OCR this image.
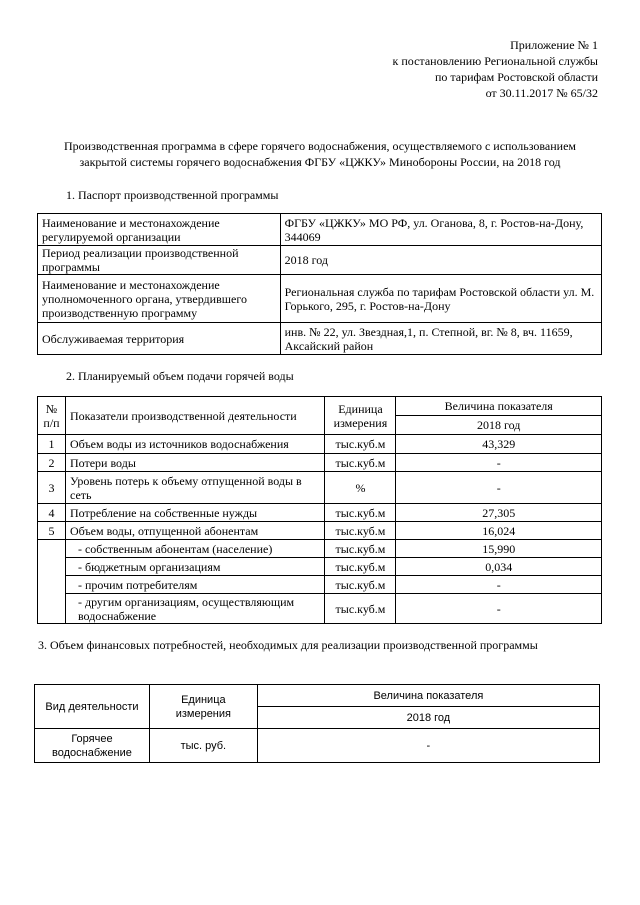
Приложение № 1
к постановлению Региональной службы
по тарифам Ростовской области
от 30.11.2017 № 65/32
Производственная программа в сфере горячего водоснабжения, осуществляемого с использованием
закрытой системы горячего водоснабжения ФГБУ «ЦЖКУ» Минобороны России, на 2018 год
1. Паспорт производственной программы
Наименование и местонахождение регулируемой организации	ФГБУ «ЦЖКУ» МО РФ, ул. Оганова, 8, г. Ростов-на-Дону, 344069
Период реализации производственной программы	2018 год
Наименование и местонахождение уполномоченного органа, утвердившего производственную программу	Региональная служба по тарифам Ростовской области ул. М. Горького, 295, г. Ростов-на-Дону
Обслуживаемая территория	инв. № 22, ул. Звездная,1, п. Степной, вг. № 8, вч. 11659, Аксайский район
2. Планируемый объем подачи горячей воды
№ п/п	Показатели производственной деятельности	Единица измерения	Величина показателя
			2018 год
1	Объем воды из источников водоснабжения	тыс.куб.м	43,329
2	Потери воды	тыс.куб.м	-
3	Уровень потерь к объему отпущенной воды в сеть	%	-
4	Потребление на собственные нужды	тыс.куб.м	27,305
5	Объем воды, отпущенной абонентам	тыс.куб.м	16,024
	- собственным абонентам (население)	тыс.куб.м	15,990
	- бюджетным организациям	тыс.куб.м	0,034
	- прочим потребителям	тыс.куб.м	-
	- другим организациям, осуществляющим водоснабжение	тыс.куб.м	-
3. Объем финансовых потребностей, необходимых для реализации производственной программы
Вид деятельности	Единица измерения	Величина показателя
		2018 год
Горячее водоснабжение	тыс. руб.	-
